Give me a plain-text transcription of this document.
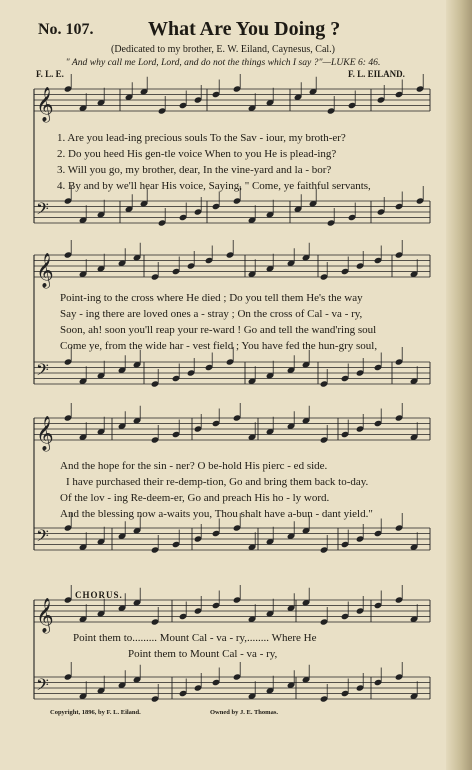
No. 107.	What Are You Doing ?
(Dedicated to my brother, E. W. Eiland, Caynesus, Cal.)
" And why call me Lord, Lord, and do not the things which I say ?"—LUKE 6: 46.
F. L. E.	F. L. EILAND.
𝄞
𝄢
𝄞
𝄢
𝄞
𝄢
𝄞
𝄢
1. Are you lead-ing precious souls To the Sav - iour, my broth-er?
2. Do you heed His gen-tle voice When to you He is plead-ing?
3. Will you go, my brother, dear, In the vine-yard and la - bor?
4. By and by we'll hear His voice, Saying, " Come, ye faithful servants,
Point-ing to the cross where He died ; Do you tell them He's the way
Say - ing there are loved ones a - stray ; On the cross of Cal - va - ry,
Soon, ah! soon you'll reap your re-ward ! Go and tell the wand'ring soul
Come ye, from the wide har - vest field ; You have fed the hun-gry soul,
And the hope for the sin - ner? O be-hold His pierc - ed side.
I have purchased their re-demp-tion, Go and bring them back to-day.
Of the lov - ing Re-deem-er, Go and preach His ho - ly word.
And the blessing now a-waits you, Thou shalt have a-bun - dant yield."
CHORUS.
Point them to......... Mount Cal - va - ry,........ Where He
Point them to Mount Cal - va - ry,
Copyright, 1896, by F. L. Eiland.	Owned by J. E. Thomas.
